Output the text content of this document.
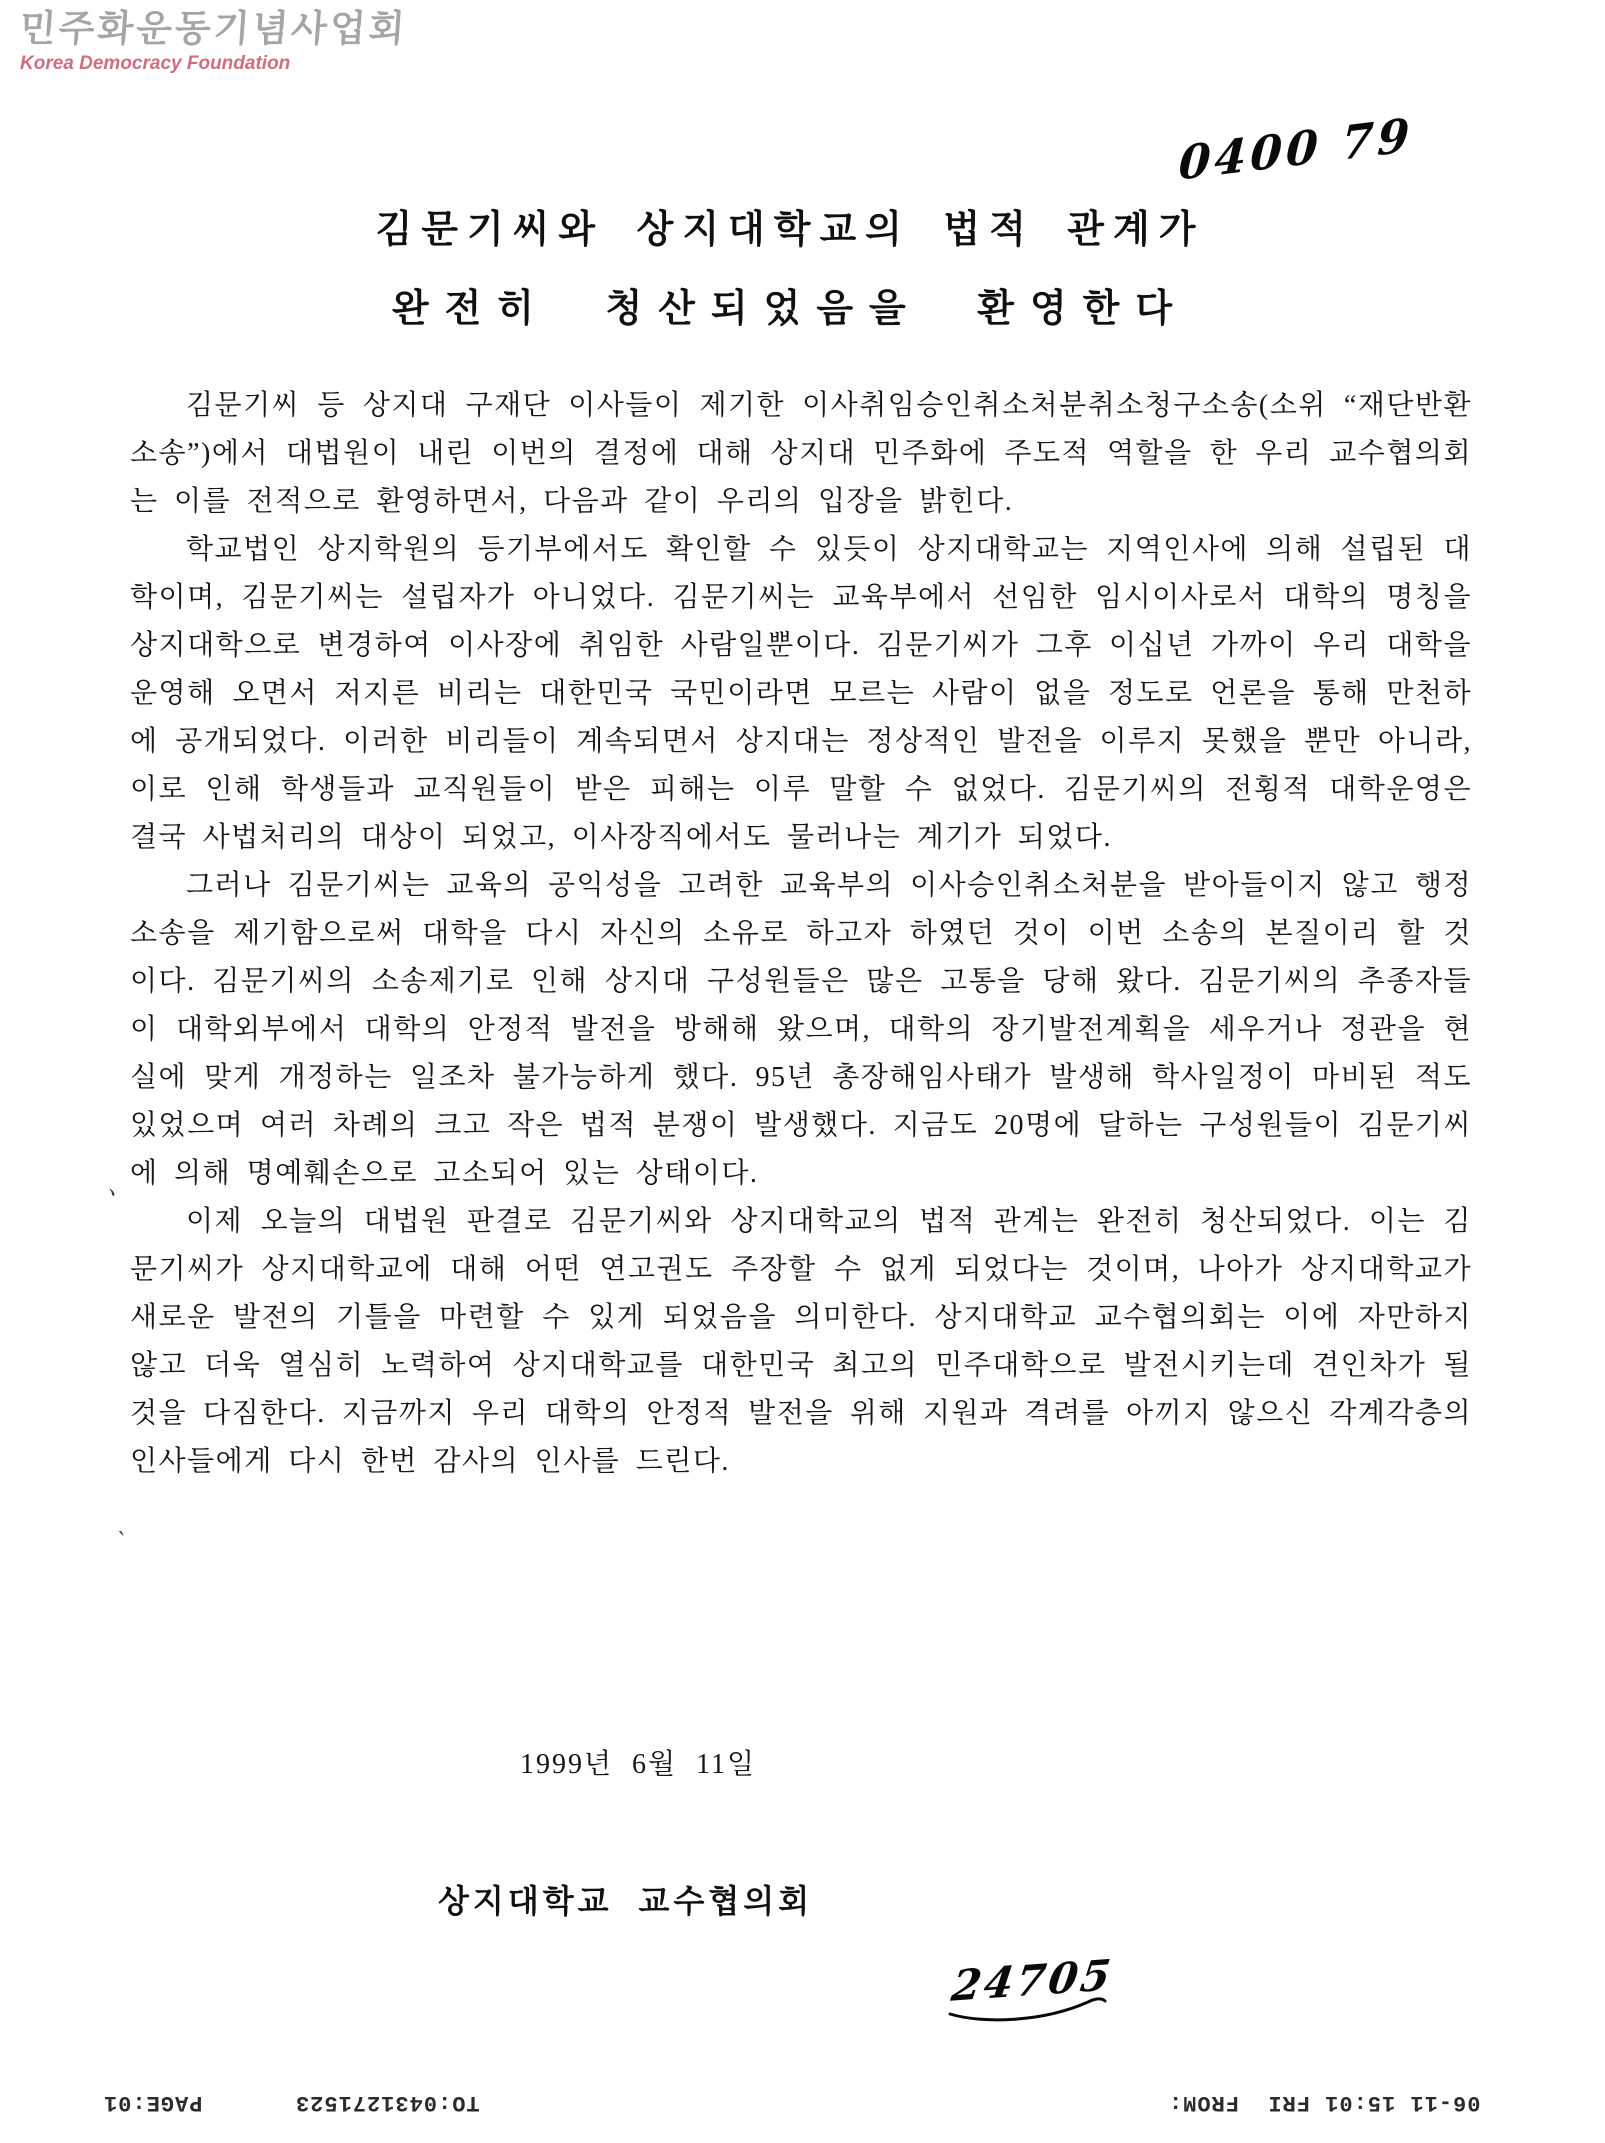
민주화운동기념사업회
Korea Democracy Foundation
0400 79
김문기씨와 상지대학교의 법적 관계가
완전히 청산되었음을 환영한다

김문기씨 등 상지대 구재단 이사들이 제기한 이사취임승인취소처분취소청구소송(소위 “재단반환소송”)에서 대법원이 내린 이번의 결정에 대해 상지대 민주화에 주도적 역할을 한 우리 교수협의회는 이를 전적으로 환영하면서, 다음과 같이 우리의 입장을 밝힌다.

학교법인 상지학원의 등기부에서도 확인할 수 있듯이 상지대학교는 지역인사에 의해 설립된 대학이며, 김문기씨는 설립자가 아니었다. 김문기씨는 교육부에서 선임한 임시이사로서 대학의 명칭을 상지대학으로 변경하여 이사장에 취임한 사람일뿐이다. 김문기씨가 그후 이십년 가까이 우리 대학을 운영해 오면서 저지른 비리는 대한민국 국민이라면 모르는 사람이 없을 정도로 언론을 통해 만천하에 공개되었다. 이러한 비리들이 계속되면서 상지대는 정상적인 발전을 이루지 못했을 뿐만 아니라, 이로 인해 학생들과 교직원들이 받은 피해는 이루 말할 수 없었다. 김문기씨의 전횡적 대학운영은 결국 사법처리의 대상이 되었고, 이사장직에서도 물러나는 계기가 되었다.

그러나 김문기씨는 교육의 공익성을 고려한 교육부의 이사승인취소처분을 받아들이지 않고 행정소송을 제기함으로써 대학을 다시 자신의 소유로 하고자 하였던 것이 이번 소송의 본질이리 할 것이다. 김문기씨의 소송제기로 인해 상지대 구성원들은 많은 고통을 당해 왔다. 김문기씨의 추종자들이 대학외부에서 대학의 안정적 발전을 방해해 왔으며, 대학의 장기발전계획을 세우거나 정관을 현실에 맞게 개정하는 일조차 불가능하게 했다. 95년 총장해임사태가 발생해 학사일정이 마비된 적도 있었으며 여러 차례의 크고 작은 법적 분쟁이 발생했다. 지금도 20명에 달하는 구성원들이 김문기씨에 의해 명예훼손으로 고소되어 있는 상태이다.

이제 오늘의 대법원 판결로 김문기씨와 상지대학교의 법적 관계는 완전히 청산되었다. 이는 김문기씨가 상지대학교에 대해 어떤 연고권도 주장할 수 없게 되었다는 것이며, 나아가 상지대학교가 새로운 발전의 기틀을 마련할 수 있게 되었음을 의미한다. 상지대학교 교수협의회는 이에 자만하지 않고 더욱 열심히 노력하여 상지대학교를 대한민국 최고의 민주대학으로 발전시키는데 견인차가 될 것을 다짐한다. 지금까지 우리 대학의 안정적 발전을 위해 지원과 격려를 아끼지 않으신 각계각층의 인사들에게 다시 한번 감사의 인사를 드린다.

1999년 6월 11일
상지대학교 교수협의회
24705
PAGE:01	TO:0431271523	06-11 15:01 FRI  FROM:
、
`
